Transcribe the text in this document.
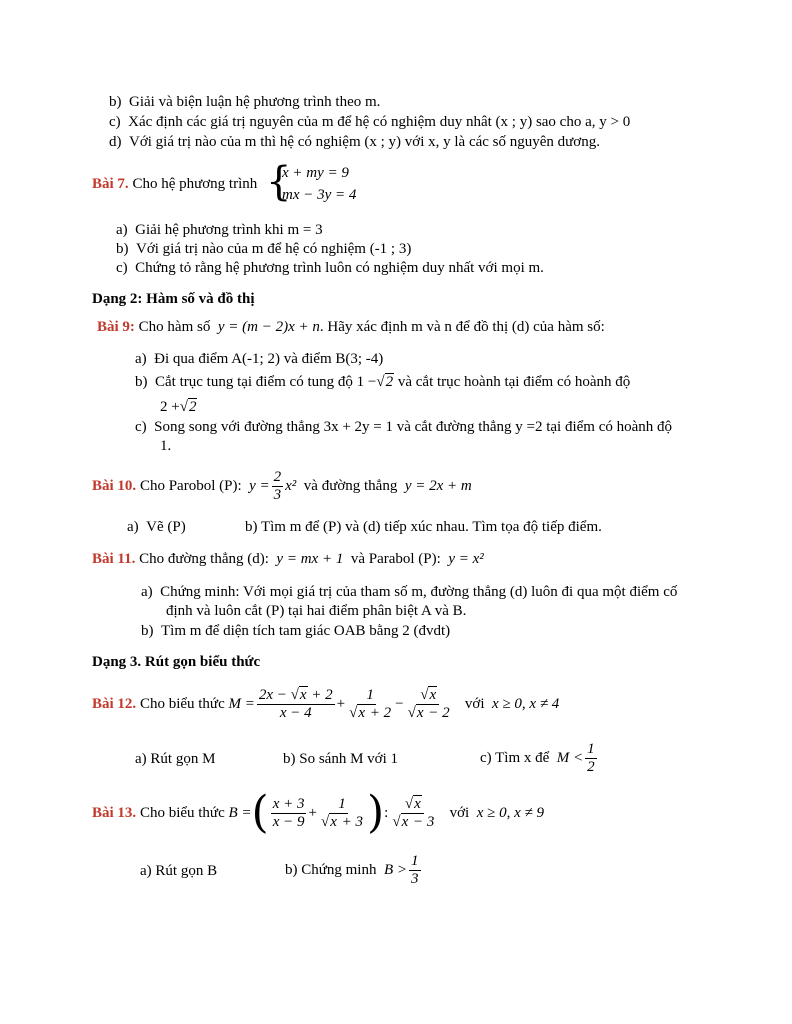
b) Giải và biện luận hệ phương trình theo m.
c) Xác định các giá trị nguyên của m để hệ có nghiệm duy nhât (x ; y) sao cho a, y > 0
d) Với giá trị nào của m thì hệ có nghiệm (x ; y) với x, y là các số nguyên dương.
Bài 7. Cho hệ phương trình {
x + my = 9
mx − 3y = 4
a) Giải hệ phương trình khi m = 3
b) Với giá trị nào của m để hệ có nghiệm (-1 ; 3)
c) Chứng tỏ rằng hệ phương trình luôn có nghiệm duy nhất với mọi m.
Dạng 2: Hàm số và đồ thị
Bài 9: Cho hàm số y = (m − 2)x + n. Hãy xác định m và n để đồ thị (d) của hàm số:
a) Đi qua điểm A(-1; 2) và điểm B(3; -4)
b) Cắt trục tung tại điểm có tung độ 1 −√2 và cắt trục hoành tại điểm có hoành độ
2 +√2
c) Song song với đường thẳng 3x + 2y = 1 và cắt đường thẳng y =2 tại điểm có hoành độ
1.
Bài 10.
Cho Parobol (P):
$y = \frac{2}{3} x^2$
và đường thẳng
y = 2x + m
a) Vẽ (P)	b) Tìm m để (P) và (d) tiếp xúc nhau. Tìm tọa độ tiếp điểm.
Bài 11. Cho đường thẳng (d): y = mx + 1 và Parabol (P): y = x²
a) Chứng minh: Với mọi giá trị của tham số m, đường thẳng (d) luôn đi qua một điểm cố
định và luôn cắt (P) tại hai điểm phân biệt A và B.
b) Tìm m để diện tích tam giác OAB bằng 2 (đvdt)
Dạng 3. Rút gọn biểu thức
Bài 12.
Cho biểu thức
$M = \frac{2x - √x + 2}{x - 4} + \frac{1}{√x + 2} - \frac{√x}{√x - 2}$
với
x ≥ 0, x ≠ 4
a) Rút gọn M	b) So sánh M với 1	c) Tìm x để
$M < \frac{1}{2}$
Bài 13.
Cho biểu thức
B = ( $\frac{x + 3}{x - 9} + \frac{1}{√x + 3}$ ) : $\frac{√x}{√x - 3}$
với
x ≥ 0, x ≠ 9
a) Rút gọn B	b) Chứng minh
$B > \frac{1}{3}$
